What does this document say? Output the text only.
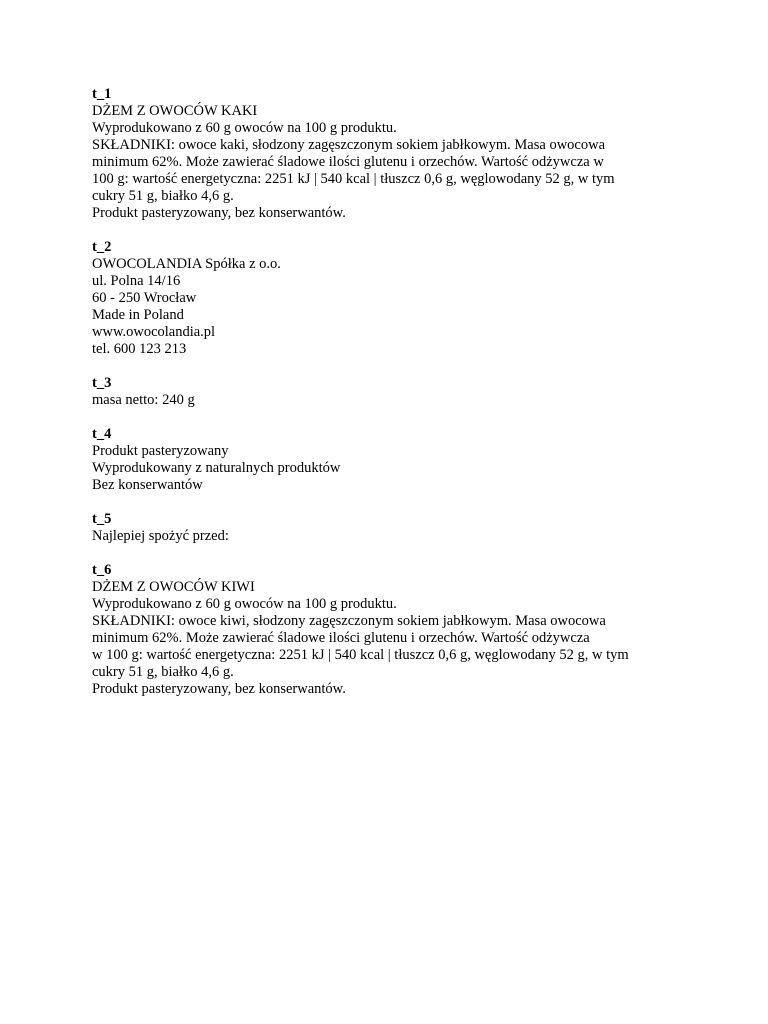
t_1
DŻEM Z OWOCÓW KAKI
Wyprodukowano z 60 g owoców na 100 g produktu.
SKŁADNIKI: owoce kaki, słodzony zagęszczonym sokiem jabłkowym. Masa owocowa
minimum 62%. Może zawierać śladowe ilości glutenu i orzechów. Wartość odżywcza w
100 g: wartość energetyczna: 2251 kJ | 540 kcal | tłuszcz 0,6 g, węglowodany 52 g, w tym
cukry 51 g, białko 4,6 g.
Produkt pasteryzowany, bez konserwantów.
t_2
OWOCOLANDIA Spółka z o.o.
ul. Polna 14/16
60 - 250 Wrocław
Made in Poland
www.owocolandia.pl
tel. 600 123 213
t_3
masa netto: 240 g
t_4
Produkt pasteryzowany
Wyprodukowany z naturalnych produktów
Bez konserwantów
t_5
Najlepiej spożyć przed:
t_6
DŻEM Z OWOCÓW KIWI
Wyprodukowano z 60 g owoców na 100 g produktu.
SKŁADNIKI: owoce kiwi, słodzony zagęszczonym sokiem jabłkowym. Masa owocowa
minimum 62%. Może zawierać śladowe ilości glutenu i orzechów. Wartość odżywcza
w 100 g: wartość energetyczna: 2251 kJ | 540 kcal | tłuszcz 0,6 g, węglowodany 52 g, w tym
cukry 51 g, białko 4,6 g.
Produkt pasteryzowany, bez konserwantów.
